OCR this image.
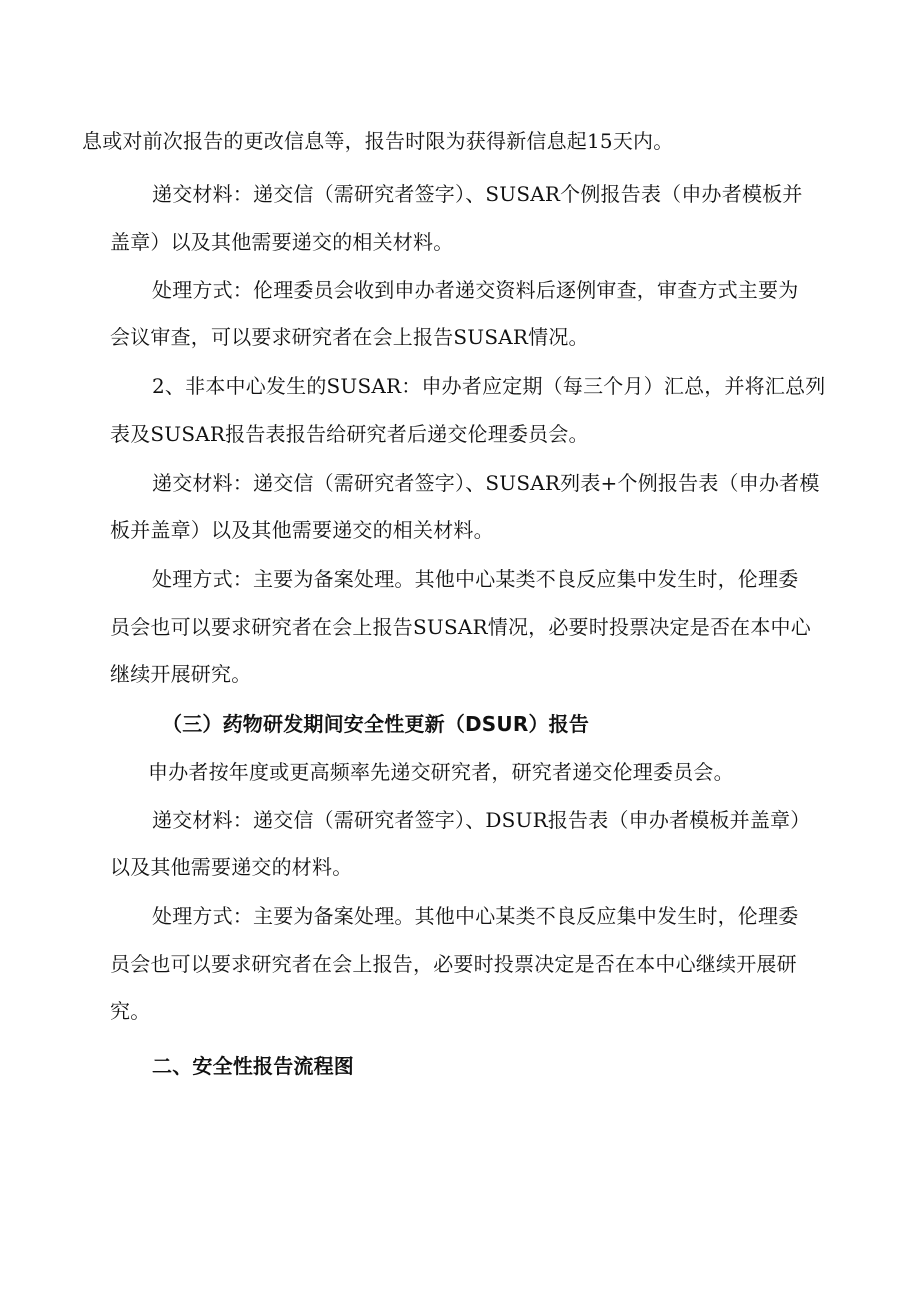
息或对前次报告的更改信息等，报告时限为获得新信息起15天内。

递交材料：递交信（需研究者签字）、SUSAR个例报告表（申办者模板并

盖章）以及其他需要递交的相关材料。

处理方式：伦理委员会收到申办者递交资料后逐例审查，审查方式主要为

会议审查，可以要求研究者在会上报告SUSAR情况。

2、非本中心发生的SUSAR：申办者应定期（每三个月）汇总，并将汇总列

表及SUSAR报告表报告给研究者后递交伦理委员会。

递交材料：递交信（需研究者签字）、SUSAR列表+个例报告表（申办者模

板并盖章）以及其他需要递交的相关材料。

处理方式：主要为备案处理。其他中心某类不良反应集中发生时，伦理委

员会也可以要求研究者在会上报告SUSAR情况，必要时投票决定是否在本中心

继续开展研究。

（三）药物研发期间安全性更新（DSUR）报告

申办者按年度或更高频率先递交研究者，研究者递交伦理委员会。

递交材料：递交信（需研究者签字）、DSUR报告表（申办者模板并盖章）

以及其他需要递交的材料。

处理方式：主要为备案处理。其他中心某类不良反应集中发生时，伦理委

员会也可以要求研究者在会上报告，必要时投票决定是否在本中心继续开展研

究。

二、安全性报告流程图
